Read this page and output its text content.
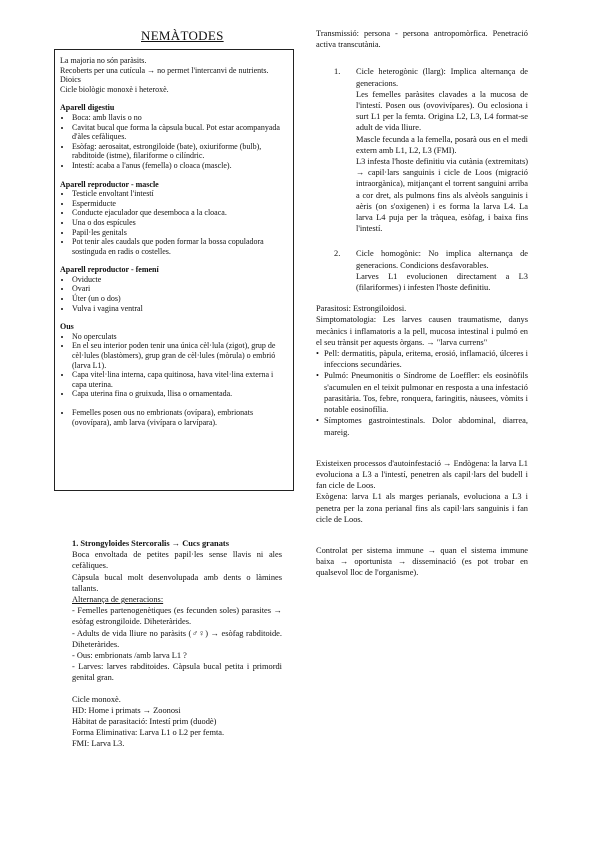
NEMÀTODES

La majoria no són paràsits.

Recoberts per una cutícula → no permet l'intercanvi de nutrients.

Dioics

Cicle biològic monoxè i heteroxè.

Aparell digestiu

• Boca: amb llavis o no
• Cavitat bucal que forma la càpsula bucal. Pot estar acompanyada d'àles cefàliques.
• Esòfag: aerosaitat, estrongiloide (bate), oxiuriforme (bulb), rabditoide (istme), filariforme o cilíndric.
• Intestí: acaba a l'anus (femella) o cloaca (mascle).

Aparell reproductor - mascle

• Testicle envoltant l'intestí
• Espermiducte
• Conducte ejaculador que desemboca a la cloaca.
• Una o dos espícules
• Papil·les genitals
• Pot tenir ales caudals que poden formar la bossa copuladora sostinguda en radis o costelles.

Aparell reproductor - femení

• Oviducte
• Ovari
• Úter (un o dos)
• Vulva i vagina ventral

Ous

• No operculats
• En el seu interior poden tenir una única cèl·lula (zigot), grup de cèl·lules (blastòmers), grup gran de cèl·lules (mòrula) o embrió (larva L1).
• Capa vitel·lina interna, capa quitinosa, hava vitel·lina externa i capa uterina.
• Capa uterina fina o gruixuda, llisa o ornamentada.
• Femelles posen ous no embrionats (ovípara), embrionats (ovovípara), amb larva (vivípara o larvípara).

1. Strongyloides Stercoralis → Cucs granats

Boca envoltada de petites papil·les sense llavis ni ales cefàliques.

Càpsula bucal molt desenvolupada amb dents o làmines tallants.

Alternança de generacions:

- Femelles partenogenètiques (es fecunden soles) parasites → esòfag estrongiloide. Diheteràrides.

- Adults de vida lliure no paràsits (♂♀) → esòfag rabditoide. Diheteràrides.

- Ous: embrionats /amb larva L1 ?

- Larves: larves rabditoides. Càpsula bucal petita i primordi genital gran.

Cicle monoxè.

HD: Home i primats → Zoonosi

Hàbitat de parasitació: Intestí prim (duodè)

Forma Eliminativa: Larva L1 o L2 per femta.

FMI: Larva L3.

Transmissió: persona - persona antropomòrfica. Penetració activa transcutània.

1.	Cicle heterogònic (llarg): Implica alternança de generacions.

Les femelles paràsites clavades a la mucosa de l'intestí. Posen ous (ovovivípares). Ou eclosiona i surt L1 per la femta. Origina L2, L3, L4 format-se adult de vida lliure.

Mascle fecunda a la femella, posarà ous en el medi extern amb L1, L2, L3 (FMI).

L3 infesta l'hoste definitiu via cutània (extremitats) → capil·lars sanguinis i cicle de Loos (migració intraorgànica), mitjançant el torrent sanguini arriba a cor dret, als pulmons fins als alvèols sanguinis i aèris (on s'oxigenen) i es forma la larva L4. La larva L4 puja per la tràquea, esòfag, i baixa fins l'intestí.

2.	Cicle homogònic: No implica alternança de generacions. Condicions desfavorables.

Larves L1 evolucionen directament a L3 (filariformes) i infesten l'hoste definitiu.

Parasitosi: Estrongiloidosi.

Simptomatologia: Les larves causen traumatisme, danys mecànics i inflamatoris a la pell, mucosa intestinal i pulmó en el seu trànsit per aquests òrgans. → "larva currens"

• Pell: dermatitis, pàpula, eritema, erosió, inflamació, úlceres i infeccions secundàries.
• Pulmó: Pneumonitis o Síndrome de Loeffler: els eosinòfils s'acumulen en el teixit pulmonar en resposta a una infestació parasitària. Tos, febre, ronquera, faringitis, nàusees, vòmits i notable eosinofília.
• Símptomes gastrointestinals. Dolor abdominal, diarrea, mareig.

Existeixen processos d'autoinfestació → Endògena: la larva L1 evoluciona a L3 a l'intestí, penetren als capil·lars del budell i fan cicle de Loos.

Exògena: larva L1 als marges perianals, evoluciona a L3 i penetra per la zona perianal fins als capil·lars sanguinis i fan cicle de Loos.

Controlat per sistema immune → quan el sistema immune baixa → oportunista → disseminació (es pot trobar en qualsevol lloc de l'organisme).
